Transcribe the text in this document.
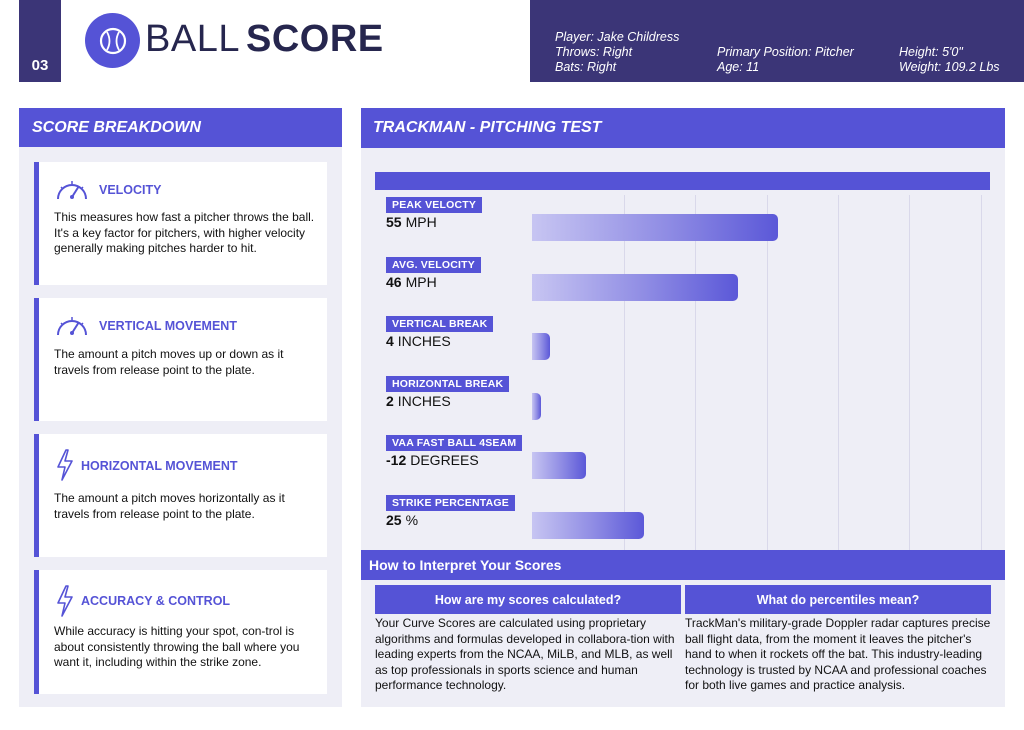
03
BALL SCORE	Player: Jake Childress
Throws: Right
Bats: Right
Primary Position: Pitcher
Age: 11
Height: 5'0"
Weight: 109.2 Lbs
SCORE BREAKDOWN
VELOCITY
This measures how fast a pitcher throws the ball. It's a key factor for pitchers, with higher velocity generally making pitches harder to hit.
VERTICAL MOVEMENT
The amount a pitch moves up or down as it travels from release point to the plate.
HORIZONTAL MOVEMENT
The amount a pitch moves horizontally as it travels from release point to the plate.
ACCURACY & CONTROL
While accuracy is hitting your spot, con-trol is about consistently throwing the ball where you want it, including within the strike zone.
TRACKMAN - PITCHING TEST
PEAK VELOCTY
55 MPH
AVG. VELOCITY
46 MPH
VERTICAL BREAK
4 INCHES
HORIZONTAL BREAK
2 INCHES
VAA FAST BALL 4SEAM
-12 DEGREES
STRIKE PERCENTAGE
25 %
How to Interpret Your Scores
How are my scores calculated?
Your Curve Scores are calculated using proprietary algorithms and formulas developed in collabora-tion with leading experts from the NCAA, MiLB, and MLB, as well as top professionals in sports science and human performance technology.
What do percentiles mean?
TrackMan's military-grade Doppler radar captures precise ball flight data, from the moment it leaves the pitcher's hand to when it rockets off the bat. This industry-leading technology is trusted by NCAA and professional coaches for both live games and practice analysis.
